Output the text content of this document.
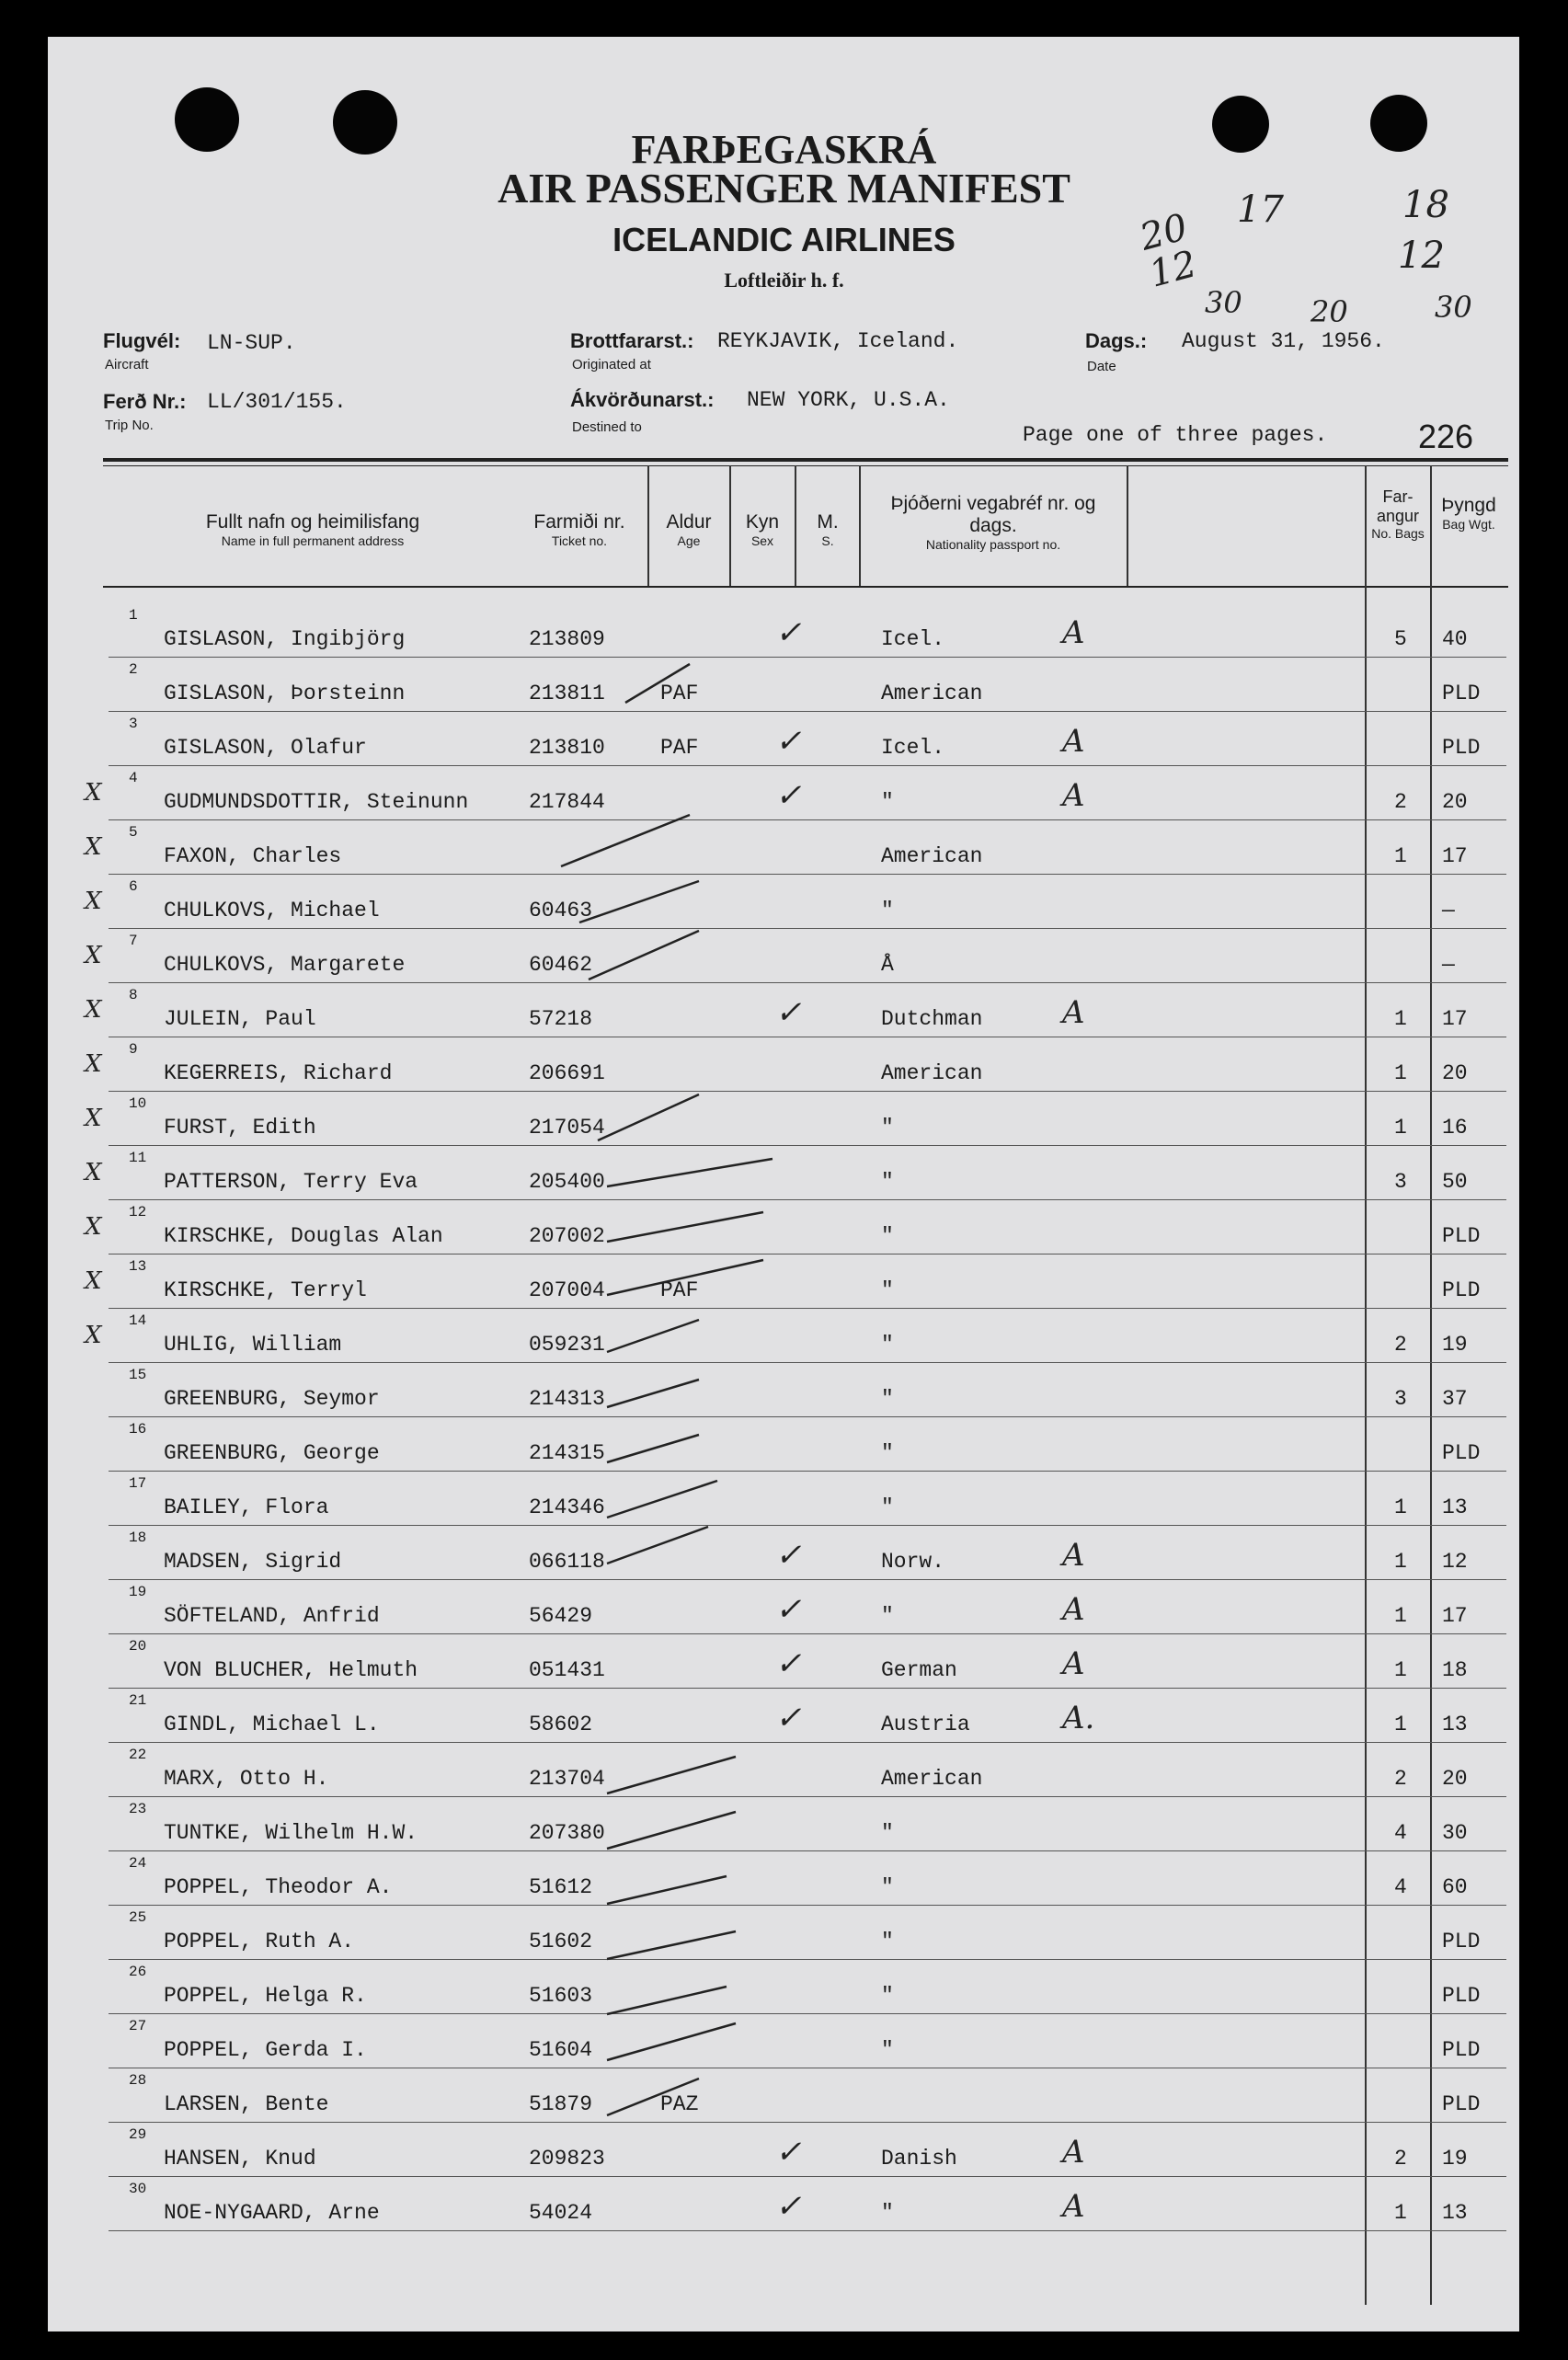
FARÞEGASKRÁ
AIR PASSENGER MANIFEST
ICELANDIC AIRLINES
Loftleiðir h. f.
20
12
17	18
12
30 20	30
Flugvél:
Aircraft
LN-SUP.
Ferð Nr.:
Trip No.
LL/301/155.
Brottfararst.:
Originated at
REYKJAVIK, Iceland.
Ákvörðunarst.:
Destined to
NEW YORK, U.S.A.
Dags.:
Date
August 31, 1956.
Page one of three pages.	226
Fullt nafn og heimilisfang
Name in full permanent address
Farmiði nr.
Ticket no.
Aldur
Age
Kyn
Sex
M.
S.
Þjóðerni vegabréf nr. og dags.
Nationality passport no.
Far-angur
No. Bags
Þyngd
Bag Wgt.
1
GISLASON, Ingibjörg	213809	✓	Icel.	A	5 40
2
GISLASON, Þorsteinn	213811	PAF	American	PLD
3
GISLASON, Olafur	213810	PAF ✓	Icel.	A	PLD
4
X	GUDMUNDSDOTTIR, Steinunn	217844	✓	"	A	2 20
5
X	FAXON, Charles	American	1 17
6
X	CHULKOVS, Michael	60463	"	—
7
X	CHULKOVS, Margarete	60462	Å	—
8
X	JULEIN, Paul	57218	✓	Dutchman	A	1 17
9
X	KEGERREIS, Richard	206691	American	1 20
10
X	FURST, Edith	217054	"	1 16
11
X	PATTERSON, Terry Eva	205400	"	3 50
12
X	KIRSCHKE, Douglas Alan	207002	"	PLD
13
X	KIRSCHKE, Terryl	207004	PAF	"	PLD
14
X	UHLIG, William	059231	"	2 19
15
GREENBURG, Seymor	214313	"	3 37
16
GREENBURG, George	214315	"	PLD
17
BAILEY, Flora	214346	"	1 13
18
MADSEN, Sigrid	066118	✓	Norw.	A	1 12
19
SÖFTELAND, Anfrid	56429	✓	"	A	1 17
20
VON BLUCHER, Helmuth	051431	✓	German	A	1 18
21
GINDL, Michael L.	58602	✓	Austria	A.	1 13
22
MARX, Otto H.	213704	American	2 20
23
TUNTKE, Wilhelm H.W.	207380	"	4 30
24
POPPEL, Theodor A.	51612	"	4 60
25
POPPEL, Ruth A.	51602	"	PLD
26
POPPEL, Helga R.	51603	"	PLD
27
POPPEL, Gerda I.	51604	"	PLD
28
LARSEN, Bente	51879	PAZ	PLD
29
HANSEN, Knud	209823	✓	Danish	A	2 19
30
NOE-NYGAARD, Arne	54024	✓	"	A	1 13
